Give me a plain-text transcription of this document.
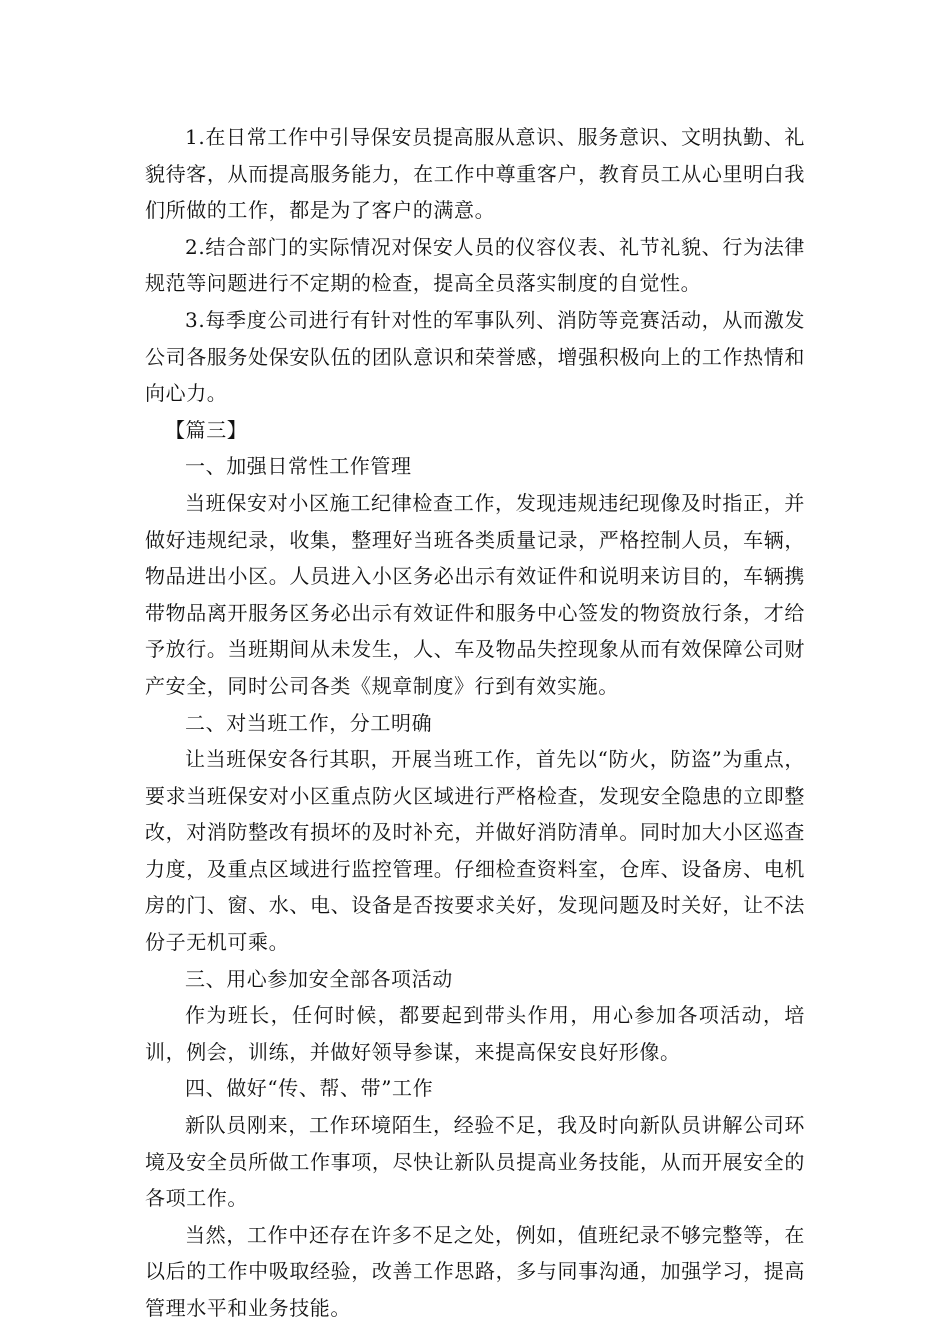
1.在日常工作中引导保安员提高服从意识、服务意识、文明执勤、礼貌待客，从而提高服务能力，在工作中尊重客户，教育员工从心里明白我们所做的工作，都是为了客户的满意。

2.结合部门的实际情况对保安人员的仪容仪表、礼节礼貌、行为法律规范等问题进行不定期的检查，提高全员落实制度的自觉性。

3.每季度公司进行有针对性的军事队列、消防等竞赛活动，从而激发公司各服务处保安队伍的团队意识和荣誉感，增强积极向上的工作热情和向心力。

【篇三】

一、加强日常性工作管理

当班保安对小区施工纪律检查工作，发现违规违纪现像及时指正，并做好违规纪录，收集，整理好当班各类质量记录，严格控制人员，车辆，物品进出小区。人员进入小区务必出示有效证件和说明来访目的，车辆携带物品离开服务区务必出示有效证件和服务中心签发的物资放行条，才给予放行。当班期间从未发生，人、车及物品失控现象从而有效保障公司财产安全，同时公司各类《规章制度》行到有效实施。

二、对当班工作，分工明确

让当班保安各行其职，开展当班工作，首先以“防火，防盗”为重点，要求当班保安对小区重点防火区域进行严格检查，发现安全隐患的立即整改，对消防整改有损坏的及时补充，并做好消防清单。同时加大小区巡查力度，及重点区域进行监控管理。仔细检查资料室，仓库、设备房、电机房的门、窗、水、电、设备是否按要求关好，发现问题及时关好，让不法份子无机可乘。

三、用心参加安全部各项活动

作为班长，任何时候，都要起到带头作用，用心参加各项活动，培训，例会，训练，并做好领导参谋，来提高保安良好形像。

四、做好“传、帮、带”工作

新队员刚来，工作环境陌生，经验不足，我及时向新队员讲解公司环境及安全员所做工作事项，尽快让新队员提高业务技能，从而开展安全的各项工作。

当然，工作中还存在许多不足之处，例如，值班纪录不够完整等，在以后的工作中吸取经验，改善工作思路，多与同事沟通，加强学习，提高管理水平和业务技能。
